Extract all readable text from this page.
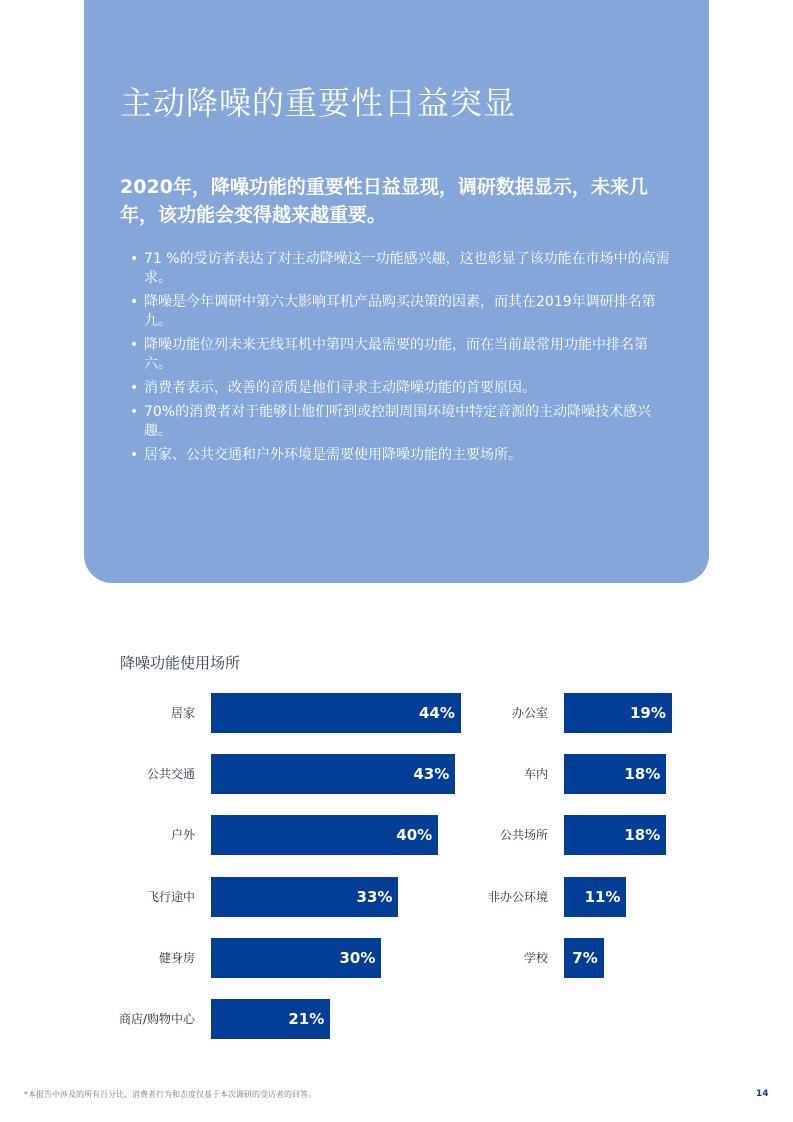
主动降噪的重要性日益突显
2020年，降噪功能的重要性日益显现，调研数据显示，未来几年，该功能会变得越来越重要。
• 71 %的受访者表达了对主动降噪这一功能感兴趣，这也彰显了该功能在市场中的高需求。
• 降噪是今年调研中第六大影响耳机产品购买决策的因素，而其在2019年调研排名第九。
• 降噪功能位列未来无线耳机中第四大最需要的功能，而在当前最常用功能中排名第六。
• 消费者表示，改善的音质是他们寻求主动降噪功能的首要原因。
• 70%的消费者对于能够让他们听到或控制周围环境中特定音源的主动降噪技术感兴趣。
• 居家、公共交通和户外环境是需要使用降噪功能的主要场所。
降噪功能使用场所
居家	44%
公共交通	43%
户外	40%
飞行途中	33%
健身房	30%
商店/购物中心	21%
办公室	19%
车内	18%
公共场所	18%
非办公环境 11%
学校 7%
*本报告中涉及的所有百分比、消费者行为和态度仅基于本次调研的受访者的回答。	14
